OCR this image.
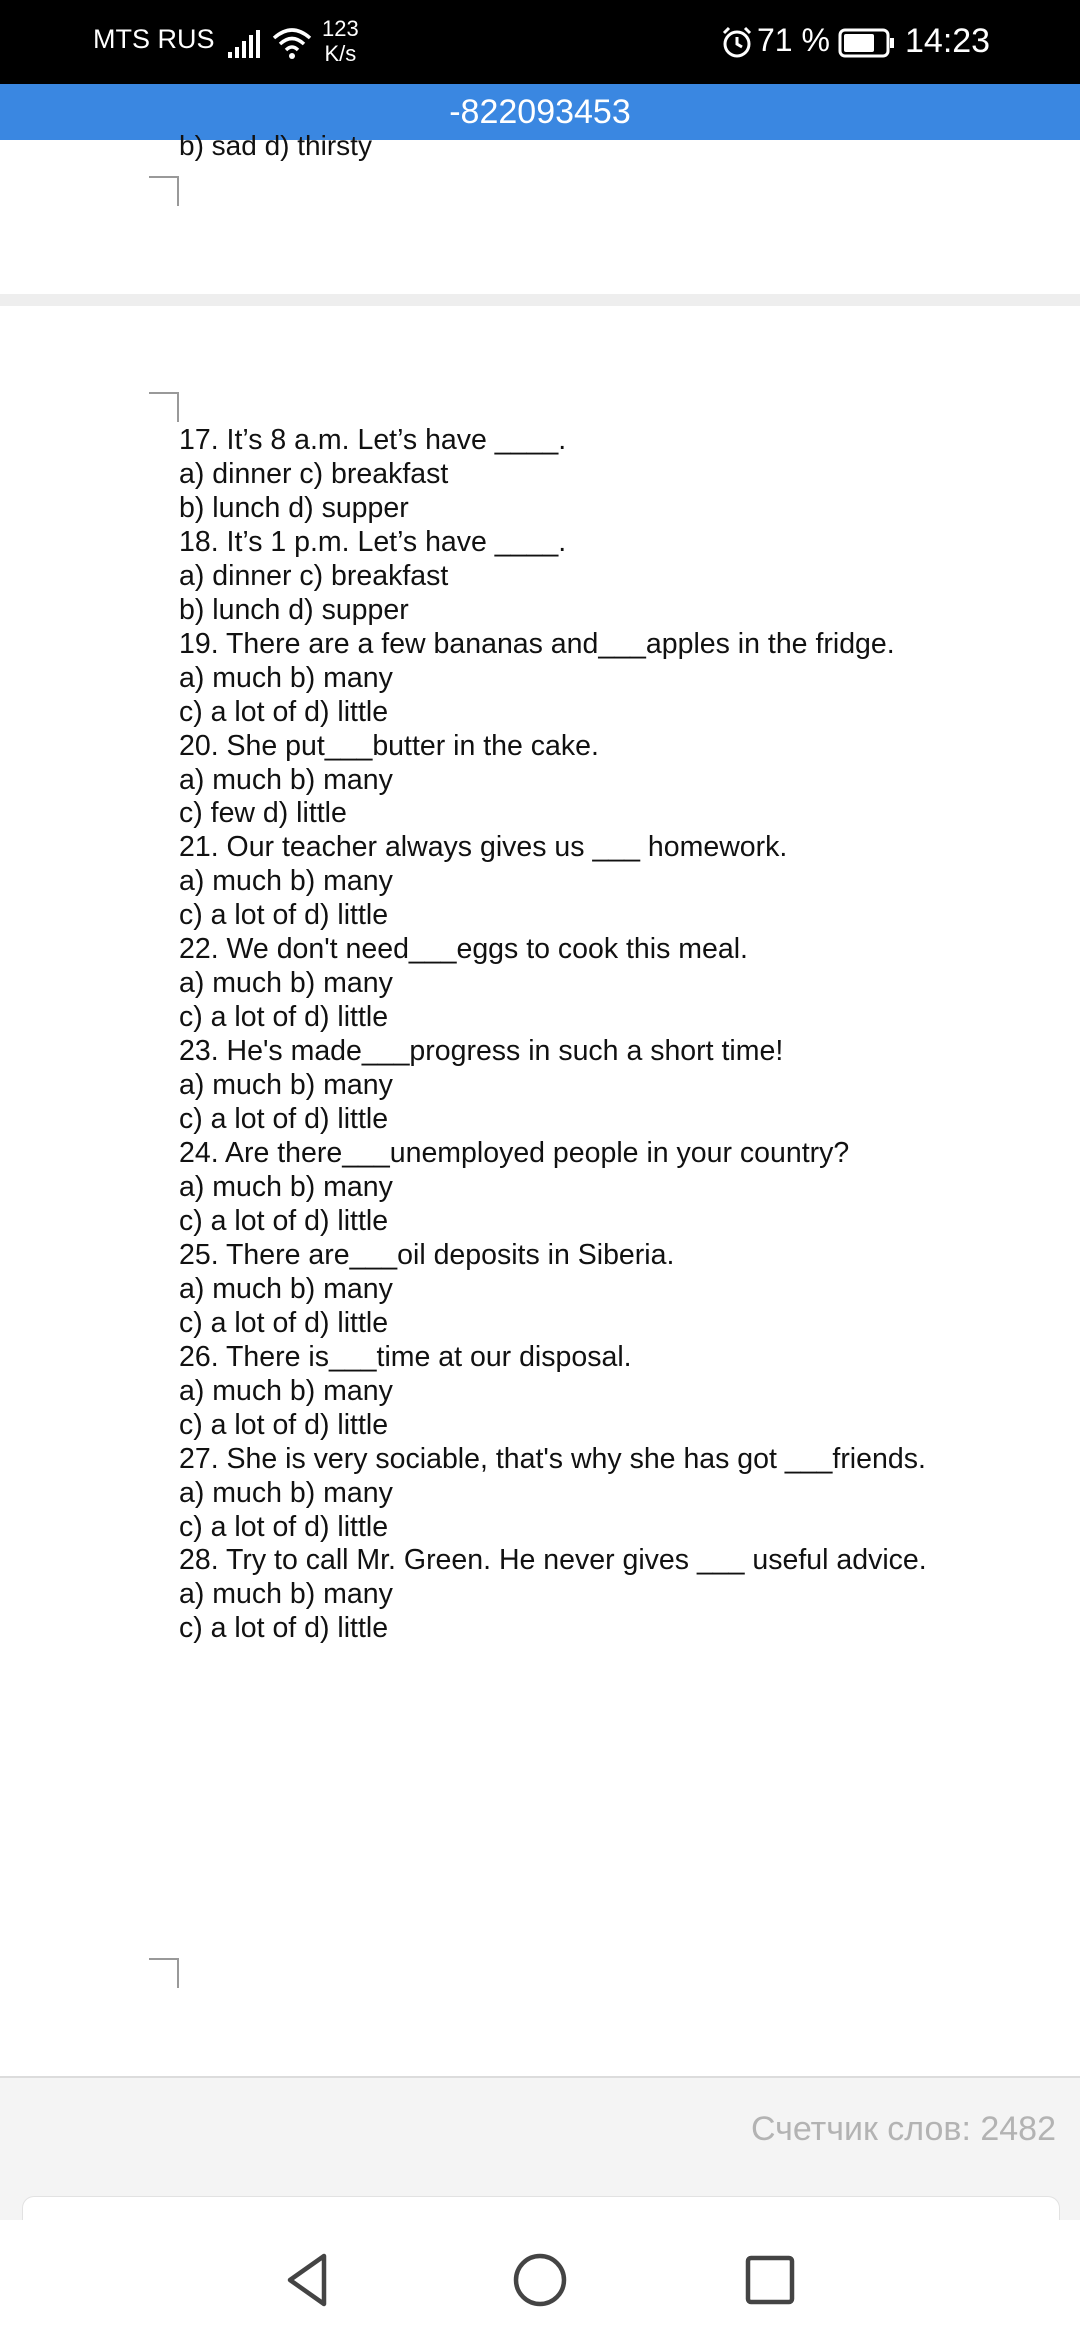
MTS RUS	123
K/s	71 % 14:23
-822093453
b) sad d) thirsty
17. It’s 8 a.m. Let’s have ____.
a) dinner c) breakfast
b) lunch d) supper
18. It’s 1 p.m. Let’s have ____.
a) dinner c) breakfast
b) lunch d) supper
19. There are a few bananas and___apples in the fridge.
a) much b) many
c) a lot of d) little
20. She put___butter in the cake.
a) much b) many
c) few d) little
21. Our teacher always gives us ___ homework.
a) much b) many
c) a lot of d) little
22. We don't need___eggs to cook this meal.
a) much b) many
c) a lot of d) little
23. He's made___progress in such a short time!
a) much b) many
c) a lot of d) little
24. Are there___unemployed people in your country?
a) much b) many
c) a lot of d) little
25. There are___oil deposits in Siberia.
a) much b) many
c) a lot of d) little
26. There is___time at our disposal.
a) much b) many
c) a lot of d) little
27. She is very sociable, that's why she has got ___friends.
a) much b) many
c) a lot of d) little
28. Try to call Mr. Green. He never gives ___ useful advice.
a) much b) many
c) a lot of d) little
Счетчик слов: 2482
